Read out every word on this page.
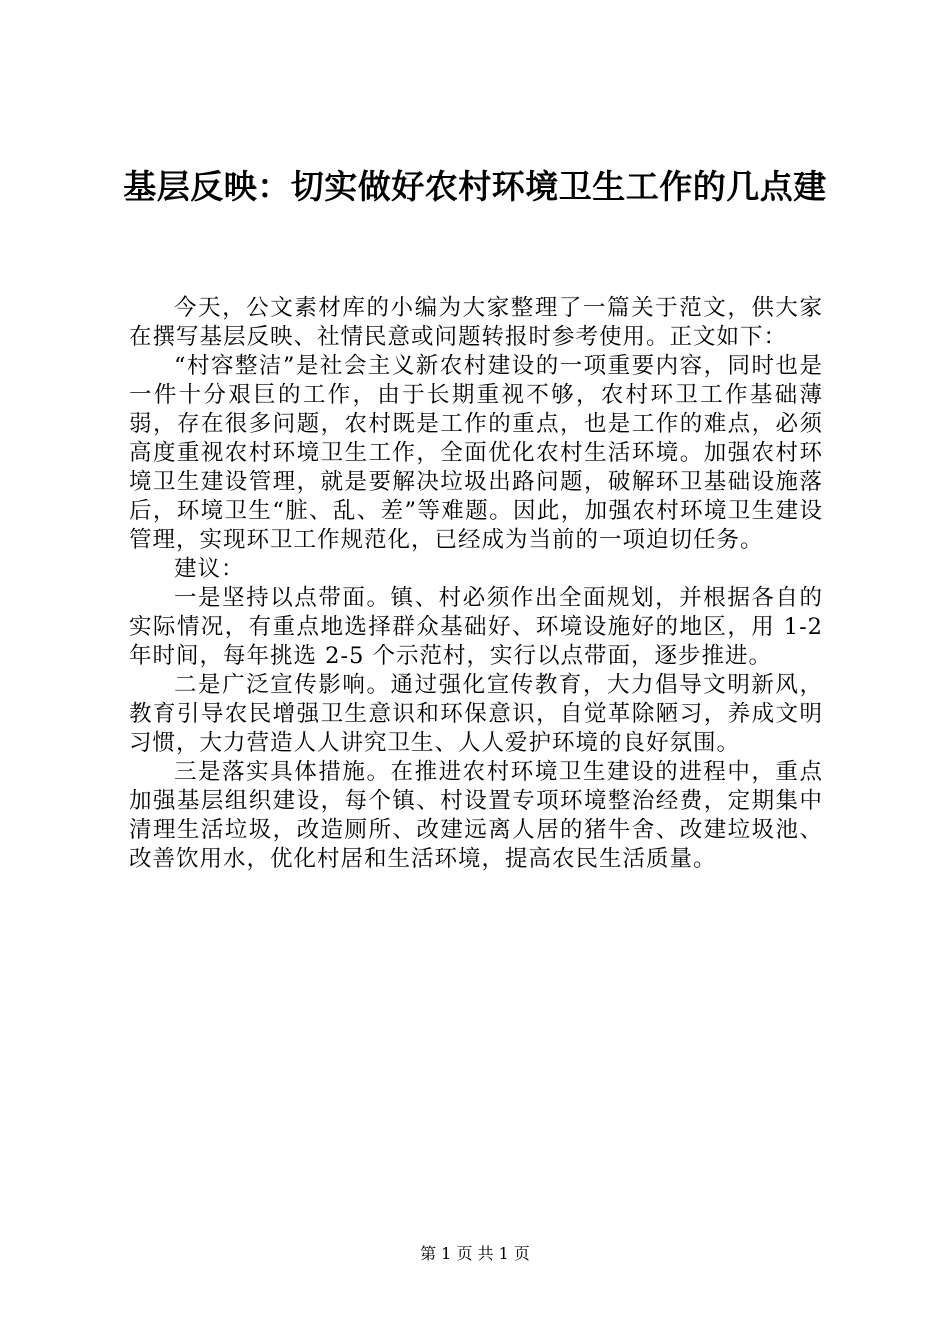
基层反映：切实做好农村环境卫生工作的几点建

今天，公文素材库的小编为大家整理了一篇关于范文，供大家在撰写基层反映、社情民意或问题转报时参考使用。正文如下：

“村容整洁”是社会主义新农村建设的一项重要内容，同时也是一件十分艰巨的工作，由于长期重视不够，农村环卫工作基础薄弱，存在很多问题，农村既是工作的重点，也是工作的难点，必须高度重视农村环境卫生工作，全面优化农村生活环境。加强农村环境卫生建设管理，就是要解决垃圾出路问题，破解环卫基础设施落后，环境卫生“脏、乱、差”等难题。因此，加强农村环境卫生建设管理，实现环卫工作规范化，已经成为当前的一项迫切任务。

建议：

一是坚持以点带面。镇、村必须作出全面规划，并根据各自的实际情况，有重点地选择群众基础好、环境设施好的地区，用 1-2 年时间，每年挑选 2-5 个示范村，实行以点带面，逐步推进。

二是广泛宣传影响。通过强化宣传教育，大力倡导文明新风，教育引导农民增强卫生意识和环保意识，自觉革除陋习，养成文明习惯，大力营造人人讲究卫生、人人爱护环境的良好氛围。

三是落实具体措施。在推进农村环境卫生建设的进程中，重点加强基层组织建设，每个镇、村设置专项环境整治经费，定期集中清理生活垃圾，改造厕所、改建远离人居的猪牛舍、改建垃圾池、改善饮用水，优化村居和生活环境，提高农民生活质量。

第 1 页 共 1 页
